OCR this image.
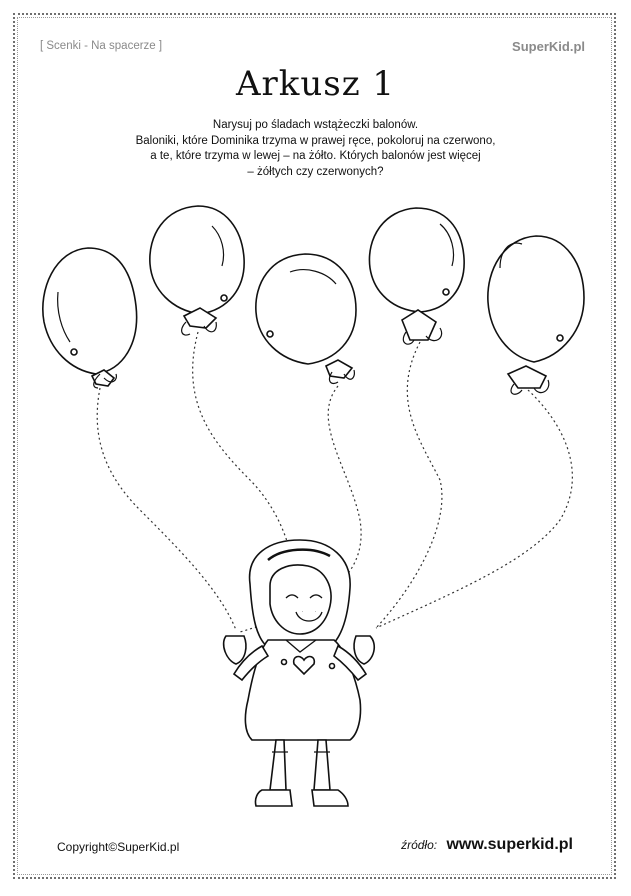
[ Scenki - Na spacerze ]	SuperKid.pl
Arkusz 1
Narysuj po śladach wstążeczki balonów.
Baloniki, które Dominika trzyma w prawej ręce, pokoloruj na czerwono,
a te, które trzyma w lewej – na żółto. Których balonów jest więcej
– żółtych czy czerwonych?
Copyright©SuperKid.pl	źródło: www.superkid.pl
